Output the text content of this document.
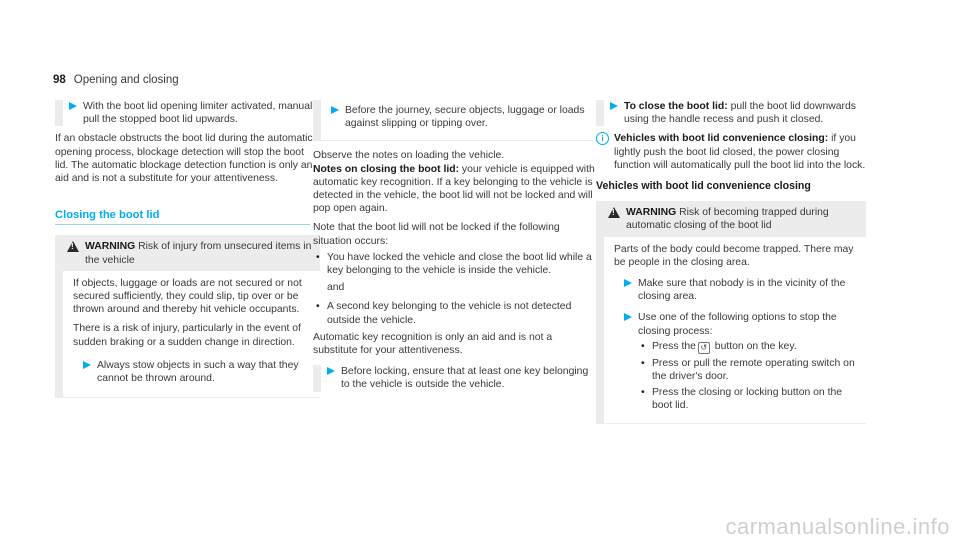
98 Opening and closing
With the boot lid opening limiter activated, manually pull the stopped boot lid upwards.

If an obstacle obstructs the boot lid during the automatic opening process, blockage detection will stop the boot lid. The automatic blockage detection function is only an aid and is not a substitute for your attentiveness.

Closing the boot lid
!
WARNING Risk of injury from unsecured items in the vehicle

If objects, luggage or loads are not secured or not secured sufficiently, they could slip, tip over or be thrown around and thereby hit vehicle occupants.

There is a risk of injury, particularly in the event of sudden braking or a sudden change in direction.

Always stow objects in such a way that they cannot be thrown around.
Before the journey, secure objects, luggage or loads against slipping or tipping over.

Observe the notes on loading the vehicle.

Notes on closing the boot lid: your vehicle is equipped with automatic key recognition. If a key belonging to the vehicle is detected in the vehicle, the boot lid will not be locked and will pop open again.

Note that the boot lid will not be locked if the following situation occurs:

• You have locked the vehicle and close the boot lid while a key belonging to the vehicle is inside the vehicle.
and
• A second key belonging to the vehicle is not detected outside the vehicle.

Automatic key recognition is only an aid and is not a substitute for your attentiveness.

Before locking, ensure that at least one key belonging to the vehicle is outside the vehicle.
To close the boot lid: pull the boot lid downwards using the handle recess and push it closed.
i Vehicles with boot lid convenience closing: if you lightly push the boot lid closed, the power closing function will automatically pull the boot lid into the lock.
Vehicles with boot lid convenience closing
!
WARNING Risk of becoming trapped during automatic closing of the boot lid

Parts of the body could become trapped. There may be people in the closing area.

Make sure that nobody is in the vicinity of the closing area.
Use one of the following options to stop the closing process:
• Press the ↺ button on the key.
• Press or pull the remote operating switch on the driver's door.
• Press the closing or locking button on the boot lid.
carmanualsonline.info
